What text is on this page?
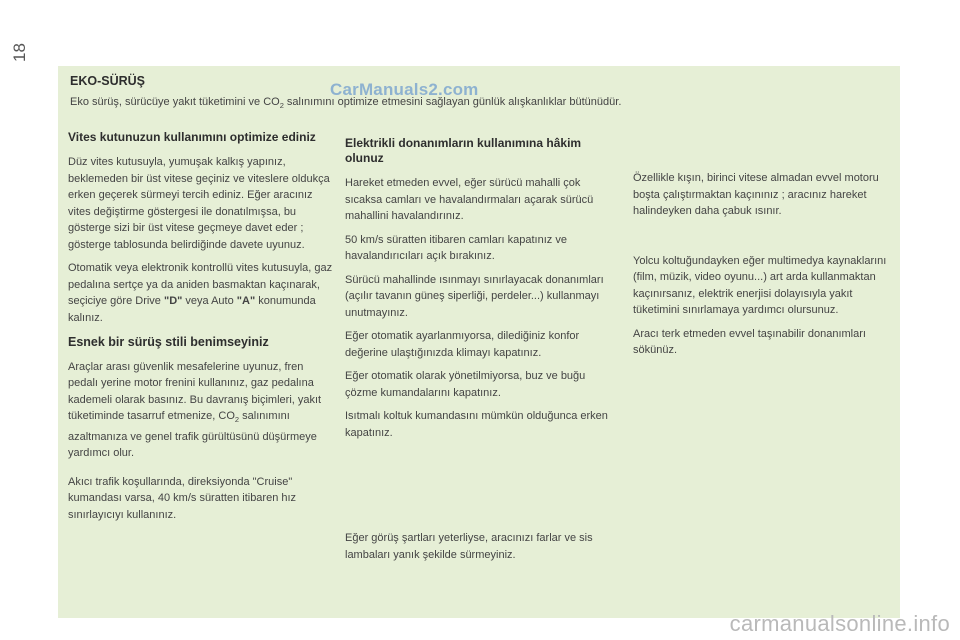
18
EKO-SÜRÜŞ
Eko sürüş, sürücüye yakıt tüketimini ve $CO_2$ salınımını optimize etmesini sağlayan günlük alışkanlıklar bütünüdür.
CarManuals2.com
Vites kutunuzun kullanımını optimize ediniz

Düz vites kutusuyla, yumuşak kalkış yapınız, beklemeden bir üst vitese geçiniz ve viteslere oldukça erken geçerek sürmeyi tercih ediniz. Eğer aracınız vites değiştirme göstergesi ile donatılmışsa, bu gösterge sizi bir üst vitese geçmeye davet eder ; gösterge tablosunda belirdiğinde davete uyunuz.

Otomatik veya elektronik kontrollü vites kutusuyla, gaz pedalına sertçe ya da aniden basmaktan kaçınarak, seçiciye göre Drive "D" veya Auto "A" konumunda kalınız.

Esnek bir sürüş stili benimseyiniz

Araçlar arası güvenlik mesafelerine uyunuz, fren pedalı yerine motor frenini kullanınız, gaz pedalına kademeli olarak basınız. Bu davranış biçimleri, yakıt tüketiminde tasarruf etmenize, $CO_2$ salınımını azaltmanıza ve genel trafik gürültüsünü düşürmeye yardımcı olur.

Akıcı trafik koşullarında, direksiyonda "Cruise" kumandası varsa, 40 km/s süratten itibaren hız sınırlayıcıyı kullanınız.

Elektrikli donanımların kullanımına hâkim olunuz

Hareket etmeden evvel, eğer sürücü mahalli çok sıcaksa camları ve havalandırmaları açarak sürücü mahallini havalandırınız.

50 km/s süratten itibaren camları kapatınız ve havalandırıcıları açık bırakınız.

Sürücü mahallinde ısınmayı sınırlayacak donanımları (açılır tavanın güneş siperliği, perdeler...) kullanmayı unutmayınız.

Eğer otomatik ayarlanmıyorsa, dilediğiniz konfor değerine ulaştığınızda klimayı kapatınız.

Eğer otomatik olarak yönetilmiyorsa, buz ve buğu çözme kumandalarını kapatınız.

Isıtmalı koltuk kumandasını mümkün olduğunca erken kapatınız.

Eğer görüş şartları yeterliyse, aracınızı farlar ve sis lambaları yanık şekilde sürmeyiniz.

Özellikle kışın, birinci vitese almadan evvel motoru boşta çalıştırmaktan kaçınınız ; aracınız hareket halindeyken daha çabuk ısınır.

Yolcu koltuğundayken eğer multimedya kaynaklarını (film, müzik, video oyunu...) art arda kullanmaktan kaçınırsanız, elektrik enerjisi dolayısıyla yakıt tüketimini sınırlamaya yardımcı olursunuz.

Aracı terk etmeden evvel taşınabilir donanımları sökünüz.

carmanualsonline.info
